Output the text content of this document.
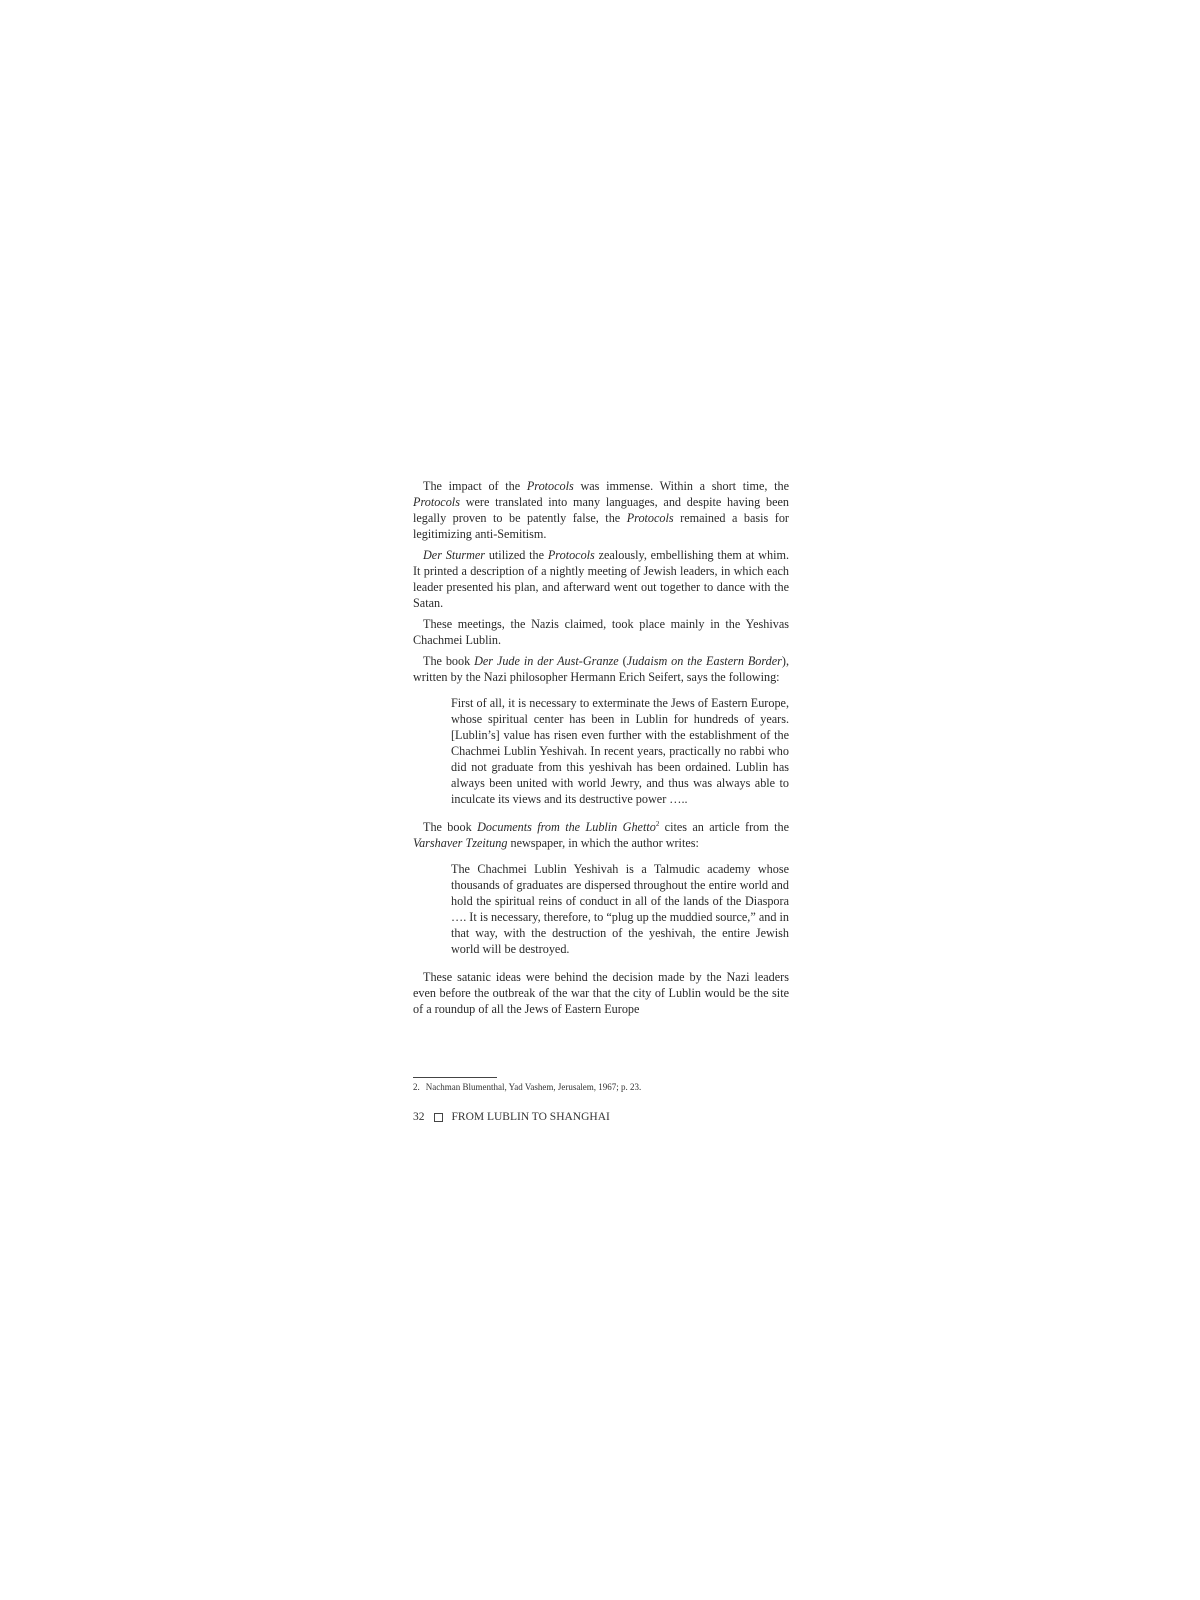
The impact of the Protocols was immense. Within a short time, the Protocols were translated into many languages, and despite having been legally proven to be patently false, the Protocols remained a basis for legitimizing anti-Semitism.

Der Sturmer utilized the Protocols zealously, embellishing them at whim. It printed a description of a nightly meeting of Jewish leaders, in which each leader presented his plan, and afterward went out together to dance with the Satan.

These meetings, the Nazis claimed, took place mainly in the Yeshivas Chachmei Lublin.

The book Der Jude in der Aust-Granze (Judaism on the Eastern Border), written by the Nazi philosopher Hermann Erich Seifert, says the following:

First of all, it is necessary to exterminate the Jews of Eastern Europe, whose spiritual center has been in Lublin for hundreds of years. [Lublin’s] value has risen even further with the establishment of the Chachmei Lublin Yeshivah. In recent years, practically no rabbi who did not graduate from this yeshivah has been ordained. Lublin has always been united with world Jewry, and thus was always able to inculcate its views and its destructive power …..

The book Documents from the Lublin Ghetto$^2$ cites an article from the Varshaver Tzeitung newspaper, in which the author writes:

The Chachmei Lublin Yeshivah is a Talmudic academy whose thousands of graduates are dispersed throughout the entire world and hold the spiritual reins of conduct in all of the lands of the Diaspora …. It is necessary, therefore, to “plug up the muddied source,” and in that way, with the destruction of the yeshivah, the entire Jewish world will be destroyed.

These satanic ideas were behind the decision made by the Nazi leaders even before the outbreak of the war that the city of Lublin would be the site of a roundup of all the Jews of Eastern Europe

2. Nachman Blumenthal, Yad Vashem, Jerusalem, 1967; p. 23.
32 FROM LUBLIN TO SHANGHAI
